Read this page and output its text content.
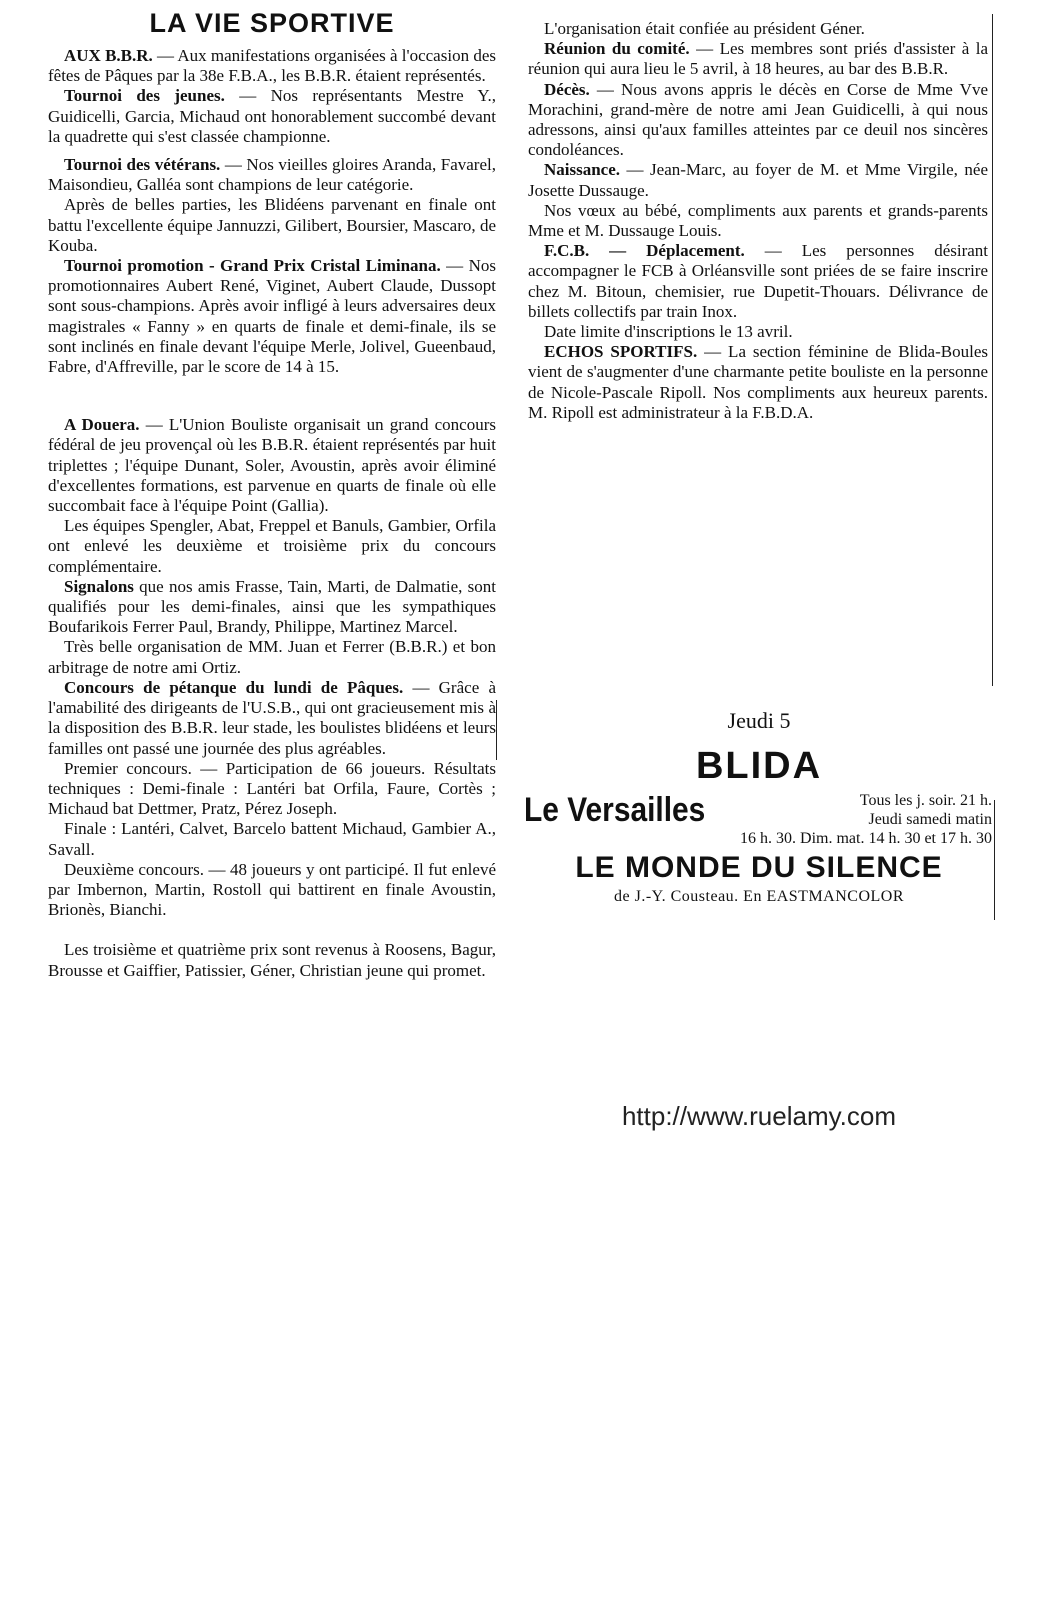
LA VIE SPORTIVE

AUX B.B.R. — Aux manifestations organisées à l'occasion des fêtes de Pâques par la 38e F.B.A., les B.B.R. étaient représentés.

Tournoi des jeunes. — Nos représentants Mestre Y., Guidicelli, Garcia, Michaud ont honorablement succombé devant la quadrette qui s'est classée championne.

Tournoi des vétérans. — Nos vieilles gloires Aranda, Favarel, Maisondieu, Galléa sont champions de leur catégorie.

Après de belles parties, les Blidéens parvenant en finale ont battu l'excellente équipe Jannuzzi, Gilibert, Boursier, Mascaro, de Kouba.

Tournoi promotion - Grand Prix Cristal Liminana. — Nos promotionnaires Aubert René, Viginet, Aubert Claude, Dussopt sont sous-champions. Après avoir infligé à leurs adversaires deux magistrales « Fanny » en quarts de finale et demi-finale, ils se sont inclinés en finale devant l'équipe Merle, Jolivel, Gueenbaud, Fabre, d'Affreville, par le score de 14 à 15.

A Douera. — L'Union Bouliste organisait un grand concours fédéral de jeu provençal où les B.B.R. étaient représentés par huit triplettes ; l'équipe Dunant, Soler, Avoustin, après avoir éliminé d'excellentes formations, est parvenue en quarts de finale où elle succombait face à l'équipe Point (Gallia).

Les équipes Spengler, Abat, Freppel et Banuls, Gambier, Orfila ont enlevé les deuxième et troisième prix du concours complémentaire.

Signalons que nos amis Frasse, Tain, Marti, de Dalmatie, sont qualifiés pour les demi-finales, ainsi que les sympathiques Boufarikois Ferrer Paul, Brandy, Philippe, Martinez Marcel.

Très belle organisation de MM. Juan et Ferrer (B.B.R.) et bon arbitrage de notre ami Ortiz.

Concours de pétanque du lundi de Pâques. — Grâce à l'amabilité des dirigeants de l'U.S.B., qui ont gracieusement mis à la disposition des B.B.R. leur stade, les boulistes blidéens et leurs familles ont passé une journée des plus agréables.

Premier concours. — Participation de 66 joueurs. Résultats techniques : Demi-finale : Lantéri bat Orfila, Faure, Cortès ; Michaud bat Dettmer, Pratz, Pérez Joseph.

Finale : Lantéri, Calvet, Barcelo battent Michaud, Gambier A., Savall.

Deuxième concours. — 48 joueurs y ont participé. Il fut enlevé par Imbernon, Martin, Rostoll qui battirent en finale Avoustin, Brionès, Bianchi.

Les troisième et quatrième prix sont revenus à Roosens, Bagur, Brousse et Gaiffier, Patissier, Géner, Christian jeune qui promet.

L'organisation était confiée au président Géner.

Réunion du comité. — Les membres sont priés d'assister à la réunion qui aura lieu le 5 avril, à 18 heures, au bar des B.B.R.

Décès. — Nous avons appris le décès en Corse de Mme Vve Morachini, grand-mère de notre ami Jean Guidicelli, à qui nous adressons, ainsi qu'aux familles atteintes par ce deuil nos sincères condoléances.

Naissance. — Jean-Marc, au foyer de M. et Mme Virgile, née Josette Dussauge.

Nos vœux au bébé, compliments aux parents et grands-parents Mme et M. Dussauge Louis.

F.C.B. — Déplacement. — Les personnes désirant accompagner le FCB à Orléansville sont priées de se faire inscrire chez M. Bitoun, chemisier, rue Dupetit-Thouars. Délivrance de billets collectifs par train Inox.

Date limite d'inscriptions le 13 avril.

ECHOS SPORTIFS. — La section féminine de Blida-Boules vient de s'augmenter d'une charmante petite bouliste en la personne de Nicole-Pascale Ripoll. Nos compliments aux heureux parents. M. Ripoll est administrateur à la F.B.D.A.

Jeudi 5
BLIDA
Le Versailles	Tous les j. soir. 21 h.
Jeudi samedi matin
16 h. 30. Dim. mat. 14 h. 30 et 17 h. 30
LE MONDE DU SILENCE
de J.-Y. Cousteau. En EASTMANCOLOR
http://www.ruelamy.com
